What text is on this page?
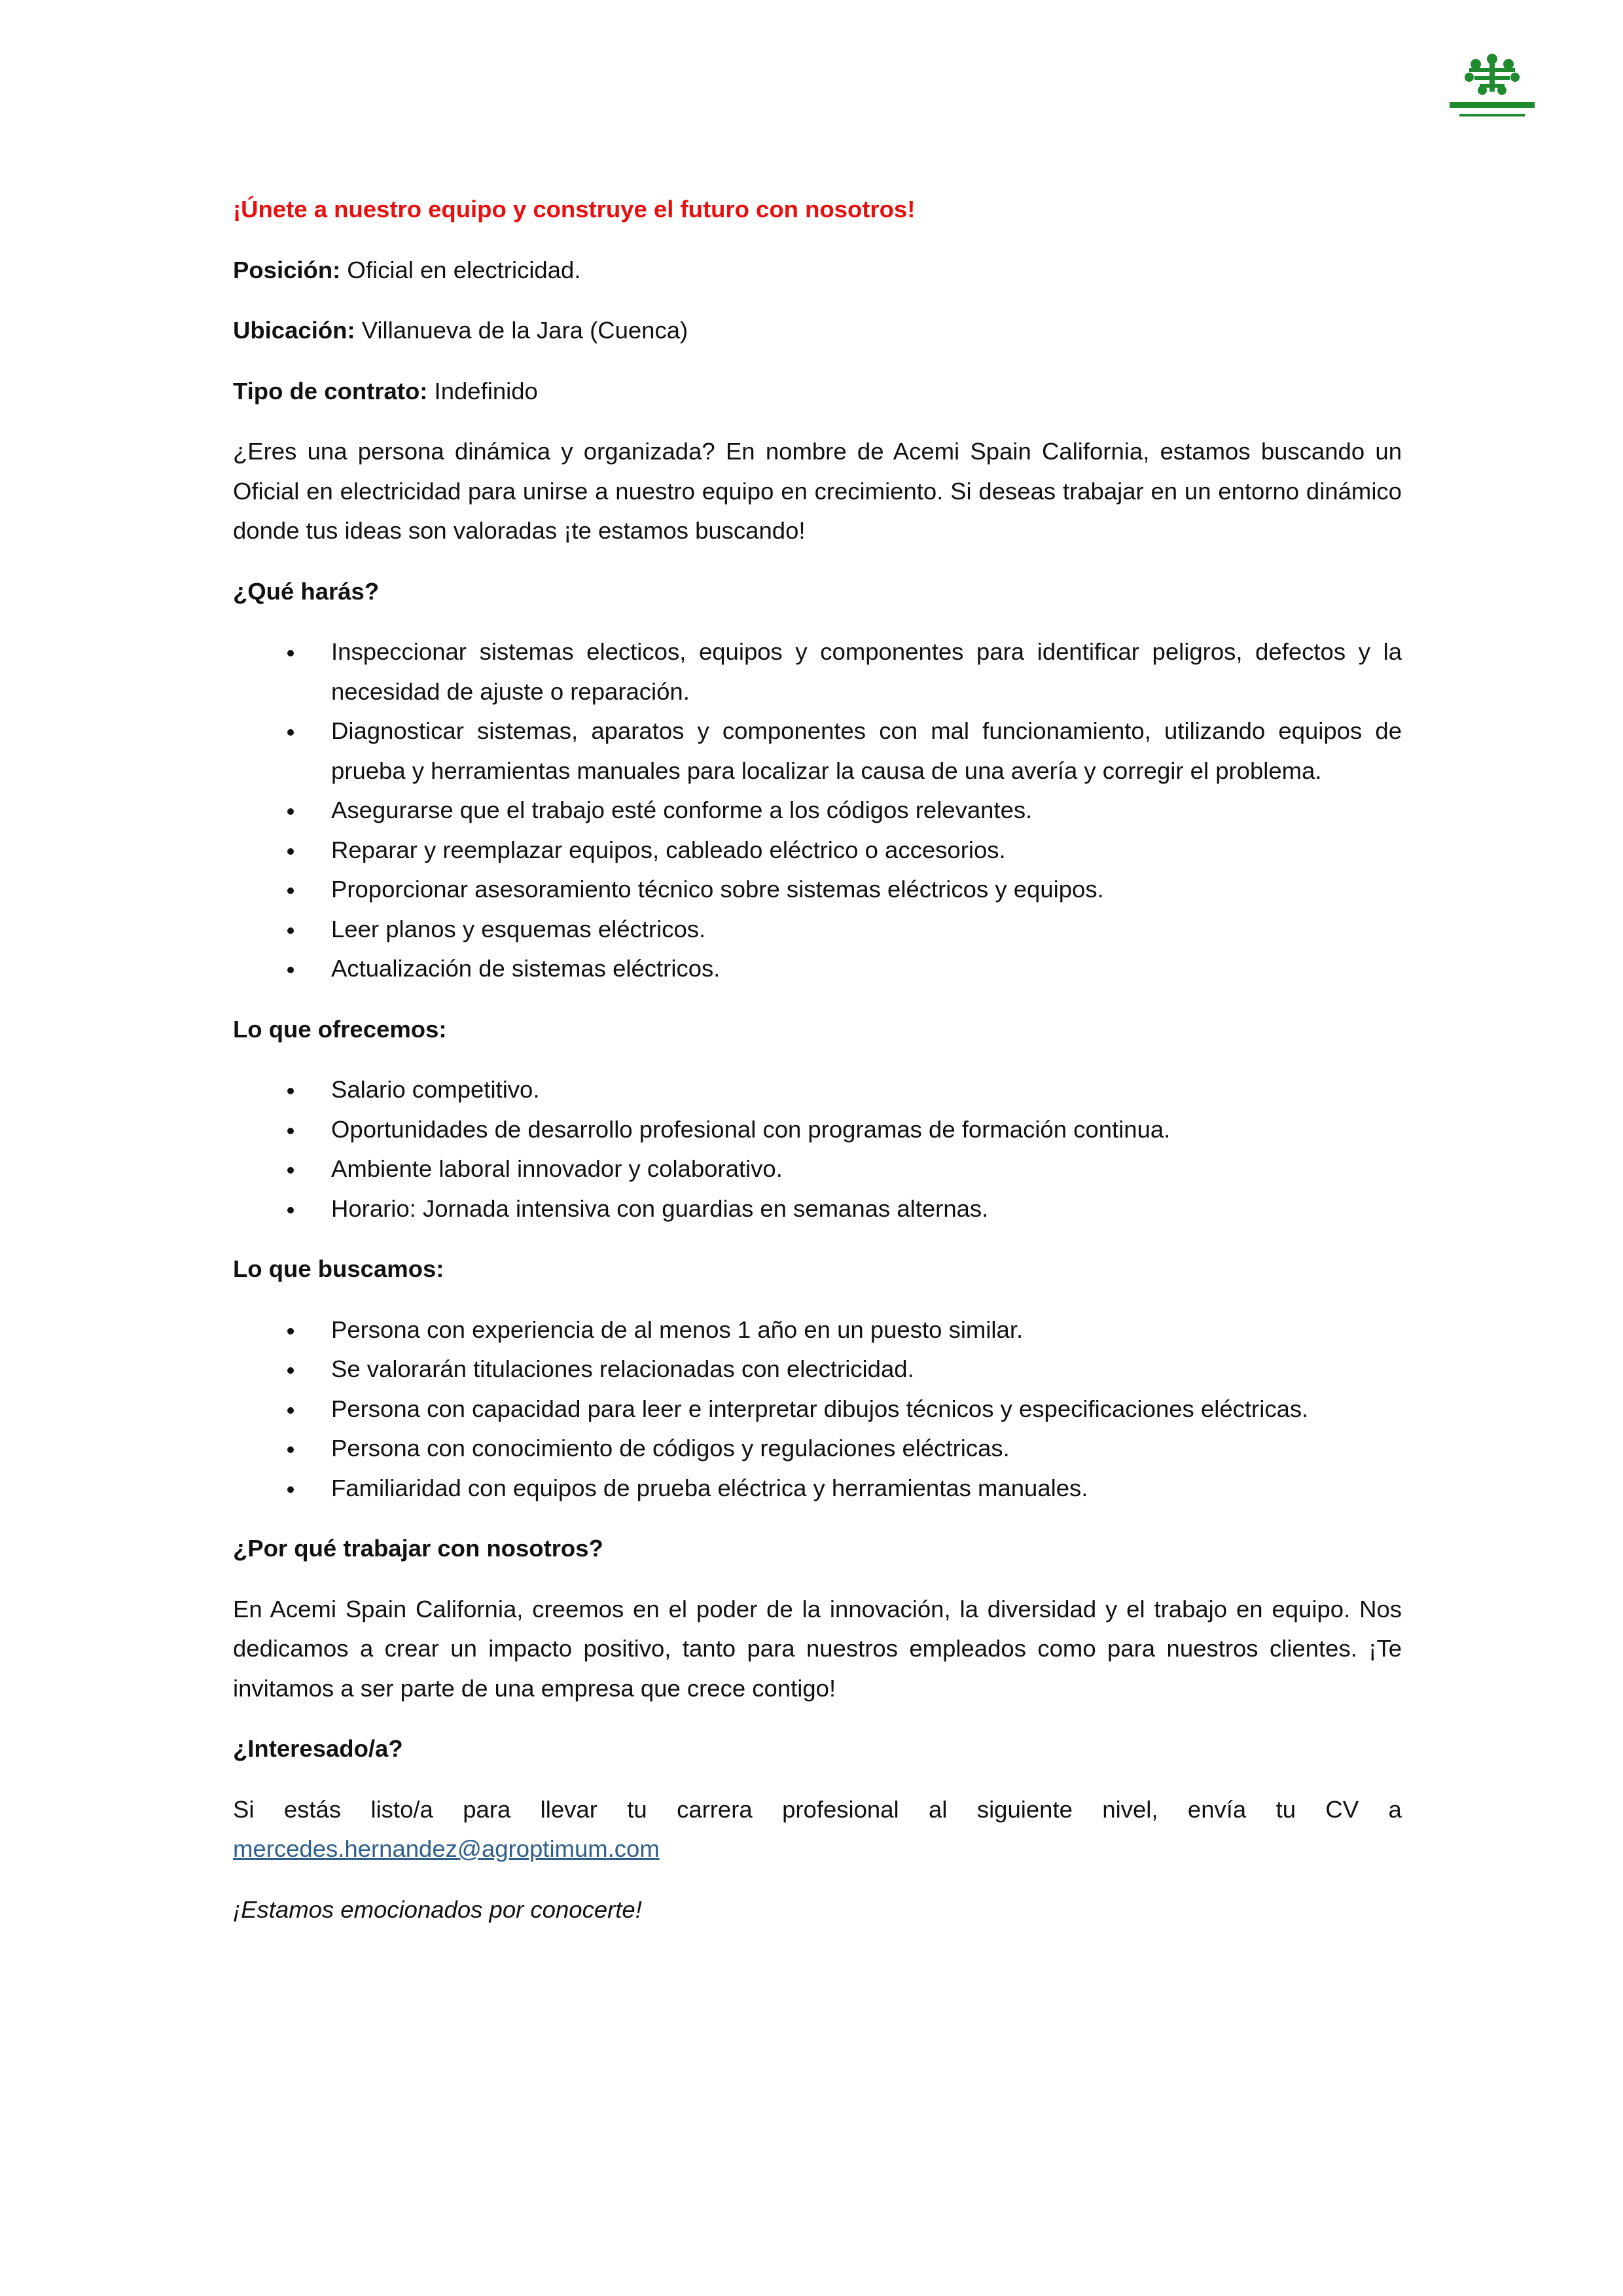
¡Únete a nuestro equipo y construye el futuro con nosotros!

Posición: Oficial en electricidad.

Ubicación: Villanueva de la Jara (Cuenca)

Tipo de contrato: Indefinido

¿Eres una persona dinámica y organizada? En nombre de Acemi Spain California, estamos buscando un Oficial en electricidad para unirse a nuestro equipo en crecimiento. Si deseas trabajar en un entorno dinámico donde tus ideas son valoradas ¡te estamos buscando!

¿Qué harás?

Inspeccionar sistemas electicos, equipos y componentes para identificar peligros, defectos y la necesidad de ajuste o reparación.
Diagnosticar sistemas, aparatos y componentes con mal funcionamiento, utilizando equipos de prueba y herramientas manuales para localizar la causa de una avería y corregir el problema.
Asegurarse que el trabajo esté conforme a los códigos relevantes.
Reparar y reemplazar equipos, cableado eléctrico o accesorios.
Proporcionar asesoramiento técnico sobre sistemas eléctricos y equipos.
Leer planos y esquemas eléctricos.
Actualización de sistemas eléctricos.

Lo que ofrecemos:

Salario competitivo.
Oportunidades de desarrollo profesional con programas de formación continua.
Ambiente laboral innovador y colaborativo.
Horario: Jornada intensiva con guardias en semanas alternas.

Lo que buscamos:

Persona con experiencia de al menos 1 año en un puesto similar.
Se valorarán titulaciones relacionadas con electricidad.
Persona con capacidad para leer e interpretar dibujos técnicos y especificaciones eléctricas.
Persona con conocimiento de códigos y regulaciones eléctricas.
Familiaridad con equipos de prueba eléctrica y herramientas manuales.

¿Por qué trabajar con nosotros?

En Acemi Spain California, creemos en el poder de la innovación, la diversidad y el trabajo en equipo. Nos dedicamos a crear un impacto positivo, tanto para nuestros empleados como para nuestros clientes. ¡Te invitamos a ser parte de una empresa que crece contigo!

¿Interesado/a?

Si estás listo/a para llevar tu carrera profesional al siguiente nivel, envía tu CV a
mercedes.hernandez@agroptimum.com

¡Estamos emocionados por conocerte!
